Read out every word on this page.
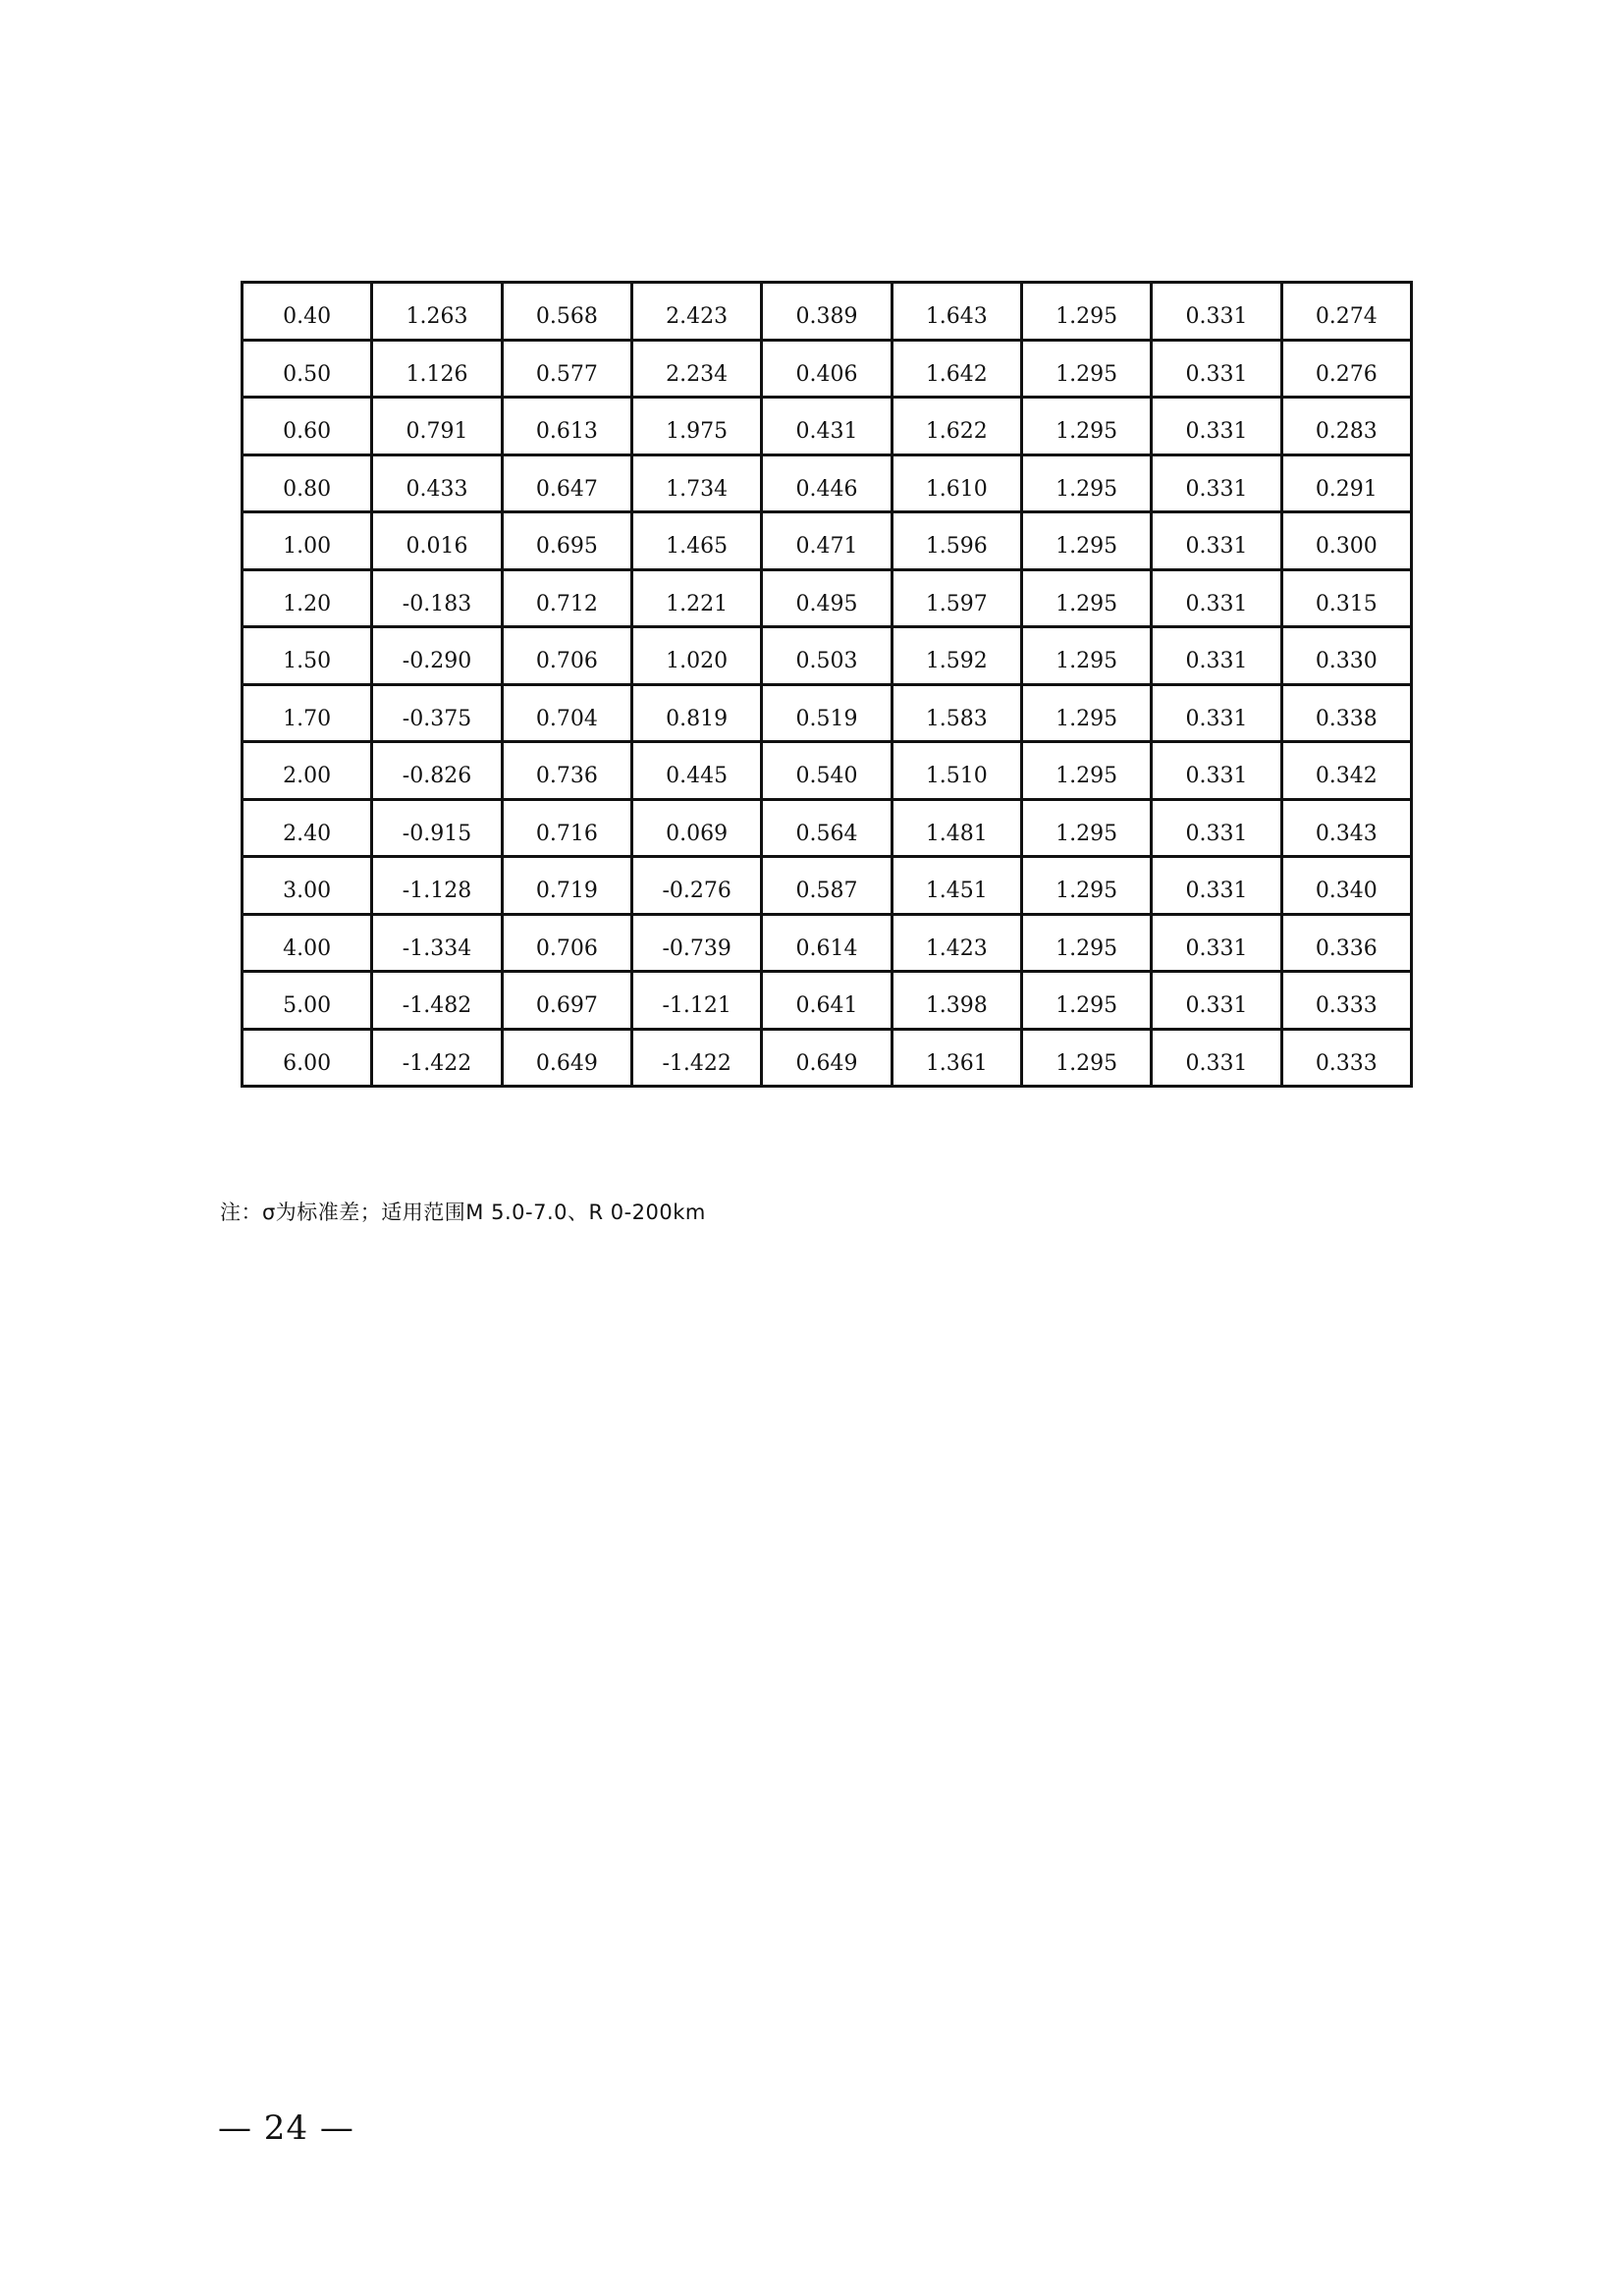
0.40	1.263	0.568	2.423	0.389	1.643	1.295	0.331	0.274
0.50	1.126	0.577	2.234	0.406	1.642	1.295	0.331	0.276
0.60	0.791	0.613	1.975	0.431	1.622	1.295	0.331	0.283
0.80	0.433	0.647	1.734	0.446	1.610	1.295	0.331	0.291
1.00	0.016	0.695	1.465	0.471	1.596	1.295	0.331	0.300
1.20	-0.183	0.712	1.221	0.495	1.597	1.295	0.331	0.315
1.50	-0.290	0.706	1.020	0.503	1.592	1.295	0.331	0.330
1.70	-0.375	0.704	0.819	0.519	1.583	1.295	0.331	0.338
2.00	-0.826	0.736	0.445	0.540	1.510	1.295	0.331	0.342
2.40	-0.915	0.716	0.069	0.564	1.481	1.295	0.331	0.343
3.00	-1.128	0.719	-0.276	0.587	1.451	1.295	0.331	0.340
4.00	-1.334	0.706	-0.739	0.614	1.423	1.295	0.331	0.336
5.00	-1.482	0.697	-1.121	0.641	1.398	1.295	0.331	0.333
6.00	-1.422	0.649	-1.422	0.649	1.361	1.295	0.331	0.333
注：σ为标准差；适用范围M 5.0-7.0、R 0-200km
— 24 —
